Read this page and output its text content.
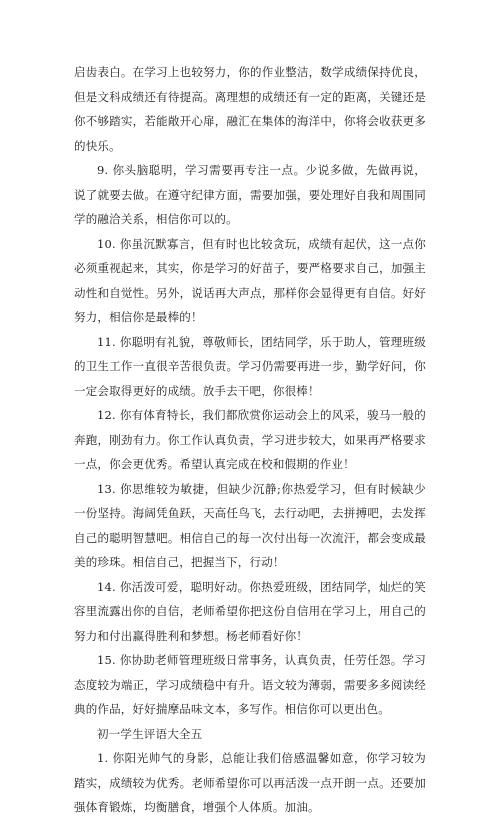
启齿表白。在学习上也较努力，你的作业整洁，数学成绩保持优良，但是文科成绩还有待提高。离理想的成绩还有一定的距离，关键还是你不够踏实，若能敞开心扉，融汇在集体的海洋中，你将会收获更多的快乐。

9. 你头脑聪明，学习需要再专注一点。少说多做，先做再说，说了就要去做。在遵守纪律方面，需要加强，要处理好自我和周围同学的融洽关系，相信你可以的。

10. 你虽沉默寡言，但有时也比较贪玩，成绩有起伏，这一点你必须重视起来，其实，你是学习的好苗子，要严格要求自己，加强主动性和自觉性。另外，说话再大声点，那样你会显得更有自信。好好努力，相信你是最棒的！

11. 你聪明有礼貌，尊敬师长，团结同学，乐于助人，管理班级的卫生工作一直很辛苦很负责。学习仍需要再进一步，勤学好问，你一定会取得更好的成绩。放手去干吧，你很棒！

12. 你有体育特长，我们都欣赏你运动会上的风采，骏马一般的奔跑，刚劲有力。你工作认真负责，学习进步较大，如果再严格要求一点，你会更优秀。希望认真完成在校和假期的作业！

13. 你思维较为敏捷，但缺少沉静;你热爱学习，但有时候缺少一份坚持。海阔凭鱼跃，天高任鸟飞，去行动吧，去拼搏吧，去发挥自己的聪明智慧吧。相信自己的每一次付出每一次流汗，都会变成最美的珍珠。相信自己，把握当下，行动！

14. 你活泼可爱，聪明好动。你热爱班级，团结同学，灿烂的笑容里流露出你的自信，老师希望你把这份自信用在学习上，用自己的努力和付出赢得胜利和梦想。杨老师看好你！

15. 你协助老师管理班级日常事务，认真负责，任劳任怨。学习态度较为端正，学习成绩稳中有升。语文较为薄弱，需要多多阅读经典的作品，好好揣摩品味文本，多写作。相信你可以更出色。

初一学生评语大全五

1. 你阳光帅气的身影，总能让我们倍感温馨如意，你学习较为踏实，成绩较为优秀。老师希望你可以再活泼一点开朗一点。还要加强体育锻炼，均衡膳食，增强个人体质。加油。
